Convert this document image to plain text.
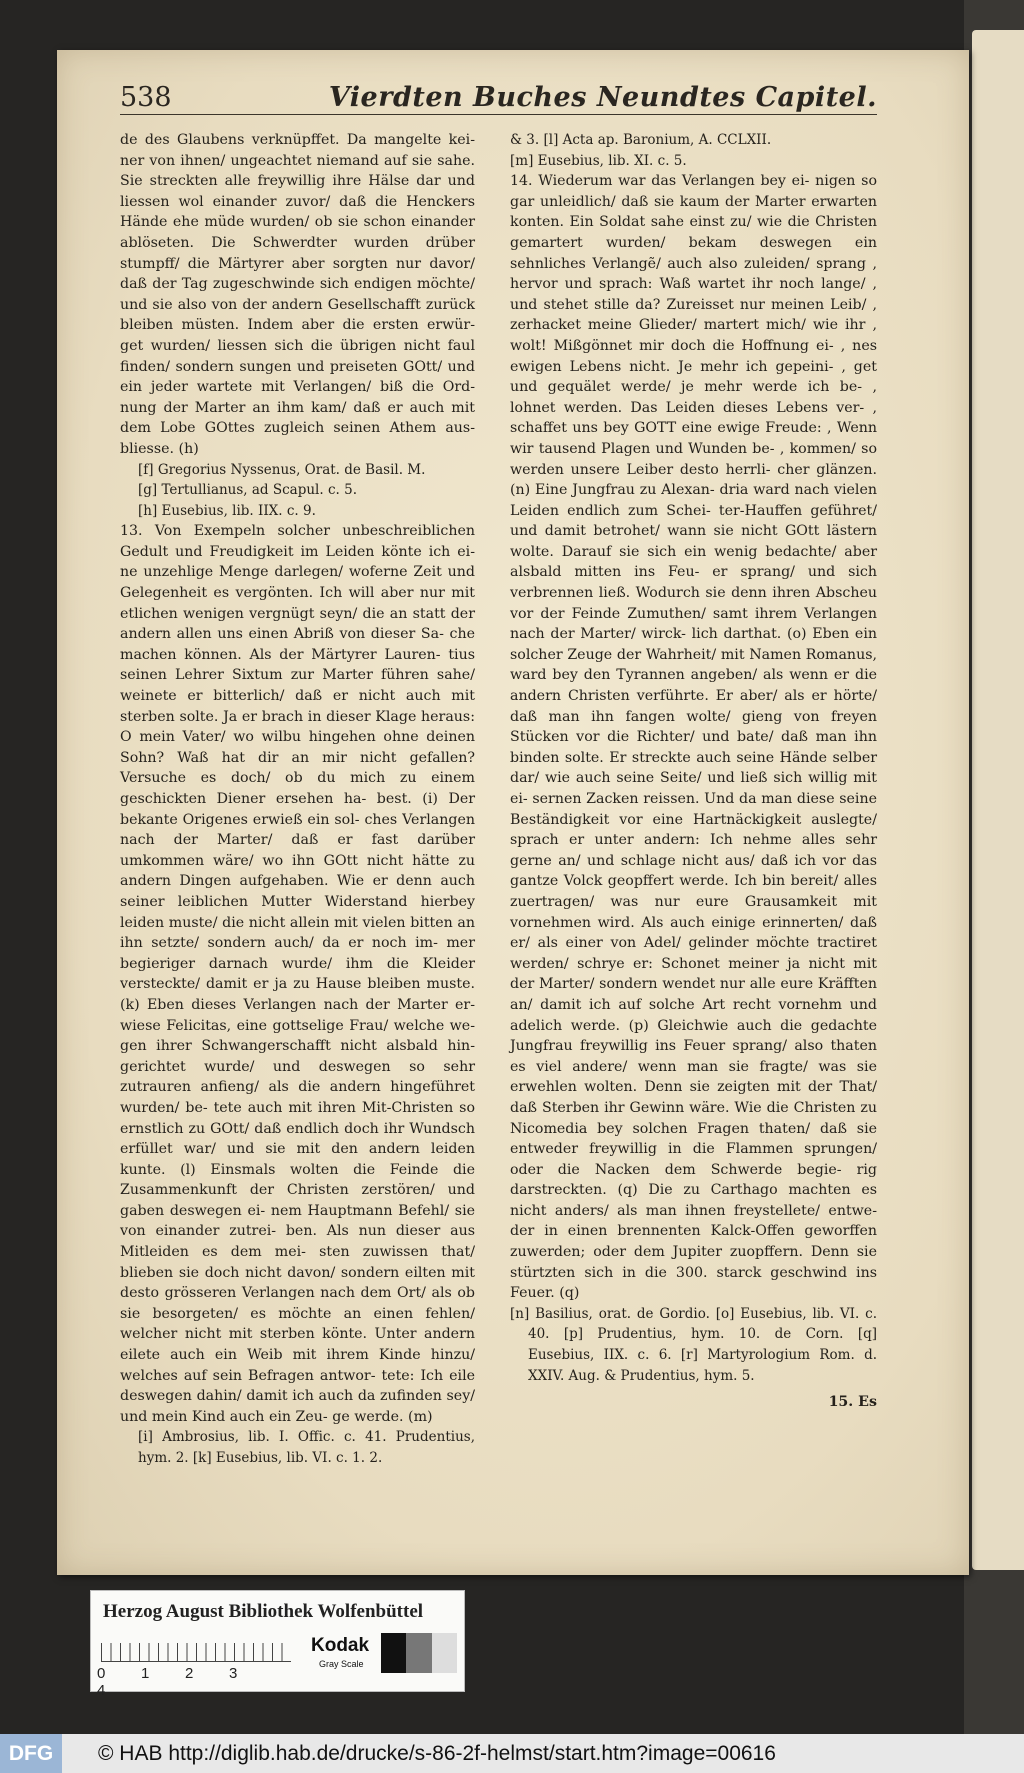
538	Vierdten Buches Neundtes Capitel.

de des Glaubens verknüpffet. Da mangelte kei- ner von ihnen/ ungeachtet niemand auf sie sahe. Sie streckten alle freywillig ihre Hälse dar und liessen wol einander zuvor/ daß die Henckers Hände ehe müde wurden/ ob sie schon einander ablöseten. Die Schwerdter wurden drüber stumpff/ die Märtyrer aber sorgten nur davor/ daß der Tag zugeschwinde sich endigen möchte/ und sie also von der andern Gesellschafft zurück bleiben müsten. Indem aber die ersten erwür- get wurden/ liessen sich die übrigen nicht faul finden/ sondern sungen und preiseten GOtt/ und ein jeder wartete mit Verlangen/ biß die Ord- nung der Marter an ihm kam/ daß er auch mit dem Lobe GOttes zugleich seinen Athem aus- bliesse. (h)

[f] Gregorius Nyssenus, Orat. de Basil. M.

[g] Tertullianus, ad Scapul. c. 5.

[h] Eusebius, lib. IIX. c. 9.

13. Von Exempeln solcher unbeschreiblichen Gedult und Freudigkeit im Leiden könte ich ei- ne unzehlige Menge darlegen/ woferne Zeit und Gelegenheit es vergönten. Ich will aber nur mit etlichen wenigen vergnügt seyn/ die an statt der andern allen uns einen Abriß von dieser Sa- che machen können. Als der Märtyrer Lauren- tius seinen Lehrer Sixtum zur Marter führen sahe/ weinete er bitterlich/ daß er nicht auch mit sterben solte. Ja er brach in dieser Klage heraus: O mein Vater/ wo wilbu hingehen ohne deinen Sohn? Waß hat dir an mir nicht gefallen? Versuche es doch/ ob du mich zu einem geschickten Diener ersehen ha- best. (i) Der bekante Origenes erwieß ein sol- ches Verlangen nach der Marter/ daß er fast darüber umkommen wäre/ wo ihn GOtt nicht hätte zu andern Dingen aufgehaben. Wie er denn auch seiner leiblichen Mutter Widerstand hierbey leiden muste/ die nicht allein mit vielen bitten an ihn setzte/ sondern auch/ da er noch im- mer begieriger darnach wurde/ ihm die Kleider versteckte/ damit er ja zu Hause bleiben muste. (k) Eben dieses Verlangen nach der Marter er- wiese Felicitas, eine gottselige Frau/ welche we- gen ihrer Schwangerschafft nicht alsbald hin- gerichtet wurde/ und deswegen so sehr zutrauren anfieng/ als die andern hingeführet wurden/ be- tete auch mit ihren Mit-Christen so ernstlich zu GOtt/ daß endlich doch ihr Wundsch erfüllet war/ und sie mit den andern leiden kunte. (l) Einsmals wolten die Feinde die Zusammenkunft der Christen zerstören/ und gaben deswegen ei- nem Hauptmann Befehl/ sie von einander zutrei- ben. Als nun dieser aus Mitleiden es dem mei- sten zuwissen that/ blieben sie doch nicht davon/ sondern eilten mit desto grösseren Verlangen nach dem Ort/ als ob sie besorgeten/ es möchte an einen fehlen/ welcher nicht mit sterben könte. Unter andern eilete auch ein Weib mit ihrem Kinde hinzu/ welches auf sein Befragen antwor- tete: Ich eile deswegen dahin/ damit ich auch da zufinden sey/ und mein Kind auch ein Zeu- ge werde. (m)

[i] Ambrosius, lib. I. Offic. c. 41. Prudentius, hym. 2. [k] Eusebius, lib. VI. c. 1. 2.

& 3. [l] Acta ap. Baronium, A. CCLXII.

[m] Eusebius, lib. XI. c. 5.

14. Wiederum war das Verlangen bey ei- nigen so gar unleidlich/ daß sie kaum der Marter erwarten konten. Ein Soldat sahe einst zu/ wie die Christen gemartert wurden/ bekam deswegen ein sehnliches Verlangẽ/ auch also zuleiden/ sprang , hervor und sprach: Waß wartet ihr noch lange/ , und stehet stille da? Zureisset nur meinen Leib/ , zerhacket meine Glieder/ martert mich/ wie ihr , wolt! Mißgönnet mir doch die Hoffnung ei- , nes ewigen Lebens nicht. Je mehr ich gepeini- , get und gequälet werde/ je mehr werde ich be- , lohnet werden. Das Leiden dieses Lebens ver- , schaffet uns bey GOTT eine ewige Freude: , Wenn wir tausend Plagen und Wunden be- , kommen/ so werden unsere Leiber desto herrli- cher glänzen. (n) Eine Jungfrau zu Alexan- dria ward nach vielen Leiden endlich zum Schei- ter-Hauffen geführet/ und damit betrohet/ wann sie nicht GOtt lästern wolte. Darauf sie sich ein wenig bedachte/ aber alsbald mitten ins Feu- er sprang/ und sich verbrennen ließ. Wodurch sie denn ihren Abscheu vor der Feinde Zumuthen/ samt ihrem Verlangen nach der Marter/ wirck- lich darthat. (o) Eben ein solcher Zeuge der Wahrheit/ mit Namen Romanus, ward bey den Tyrannen angeben/ als wenn er die andern Christen verführte. Er aber/ als er hörte/ daß man ihn fangen wolte/ gieng von freyen Stücken vor die Richter/ und bate/ daß man ihn binden solte. Er streckte auch seine Hände selber dar/ wie auch seine Seite/ und ließ sich willig mit ei- sernen Zacken reissen. Und da man diese seine Beständigkeit vor eine Hartnäckigkeit auslegte/ sprach er unter andern: Ich nehme alles sehr gerne an/ und schlage nicht aus/ daß ich vor das gantze Volck geopffert werde. Ich bin bereit/ alles zuertragen/ was nur eure Grausamkeit mit vornehmen wird. Als auch einige erinnerten/ daß er/ als einer von Adel/ gelinder möchte tractiret werden/ schrye er: Schonet meiner ja nicht mit der Marter/ sondern wendet nur alle eure Kräfften an/ damit ich auf solche Art recht vornehm und adelich werde. (p) Gleichwie auch die gedachte Jungfrau freywillig ins Feuer sprang/ also thaten es viel andere/ wenn man sie fragte/ was sie erwehlen wolten. Denn sie zeigten mit der That/ daß Sterben ihr Gewinn wäre. Wie die Christen zu Nicomedia bey solchen Fragen thaten/ daß sie entweder freywillig in die Flammen sprungen/ oder die Nacken dem Schwerde begie- rig darstreckten. (q) Die zu Carthago machten es nicht anders/ als man ihnen freystellete/ entwe- der in einen brennenten Kalck-Offen geworffen zuwerden; oder dem Jupiter zuopffern. Denn sie stürtzten sich in die 300. starck geschwind ins Feuer. (q)

[n] Basilius, orat. de Gordio. [o] Eusebius, lib. VI. c. 40. [p] Prudentius, hym. 10. de Corn. [q] Eusebius, IIX. c. 6. [r] Martyrologium Rom. d. XXIV. Aug. & Prudentius, hym. 5.

15. Es

Herzog August Bibliothek Wolfenbüttel
0 1 2 34
Kodak
Gray Scale
DFG	© HAB http://diglib.hab.de/drucke/s-86-2f-helmst/start.htm?image=00616
